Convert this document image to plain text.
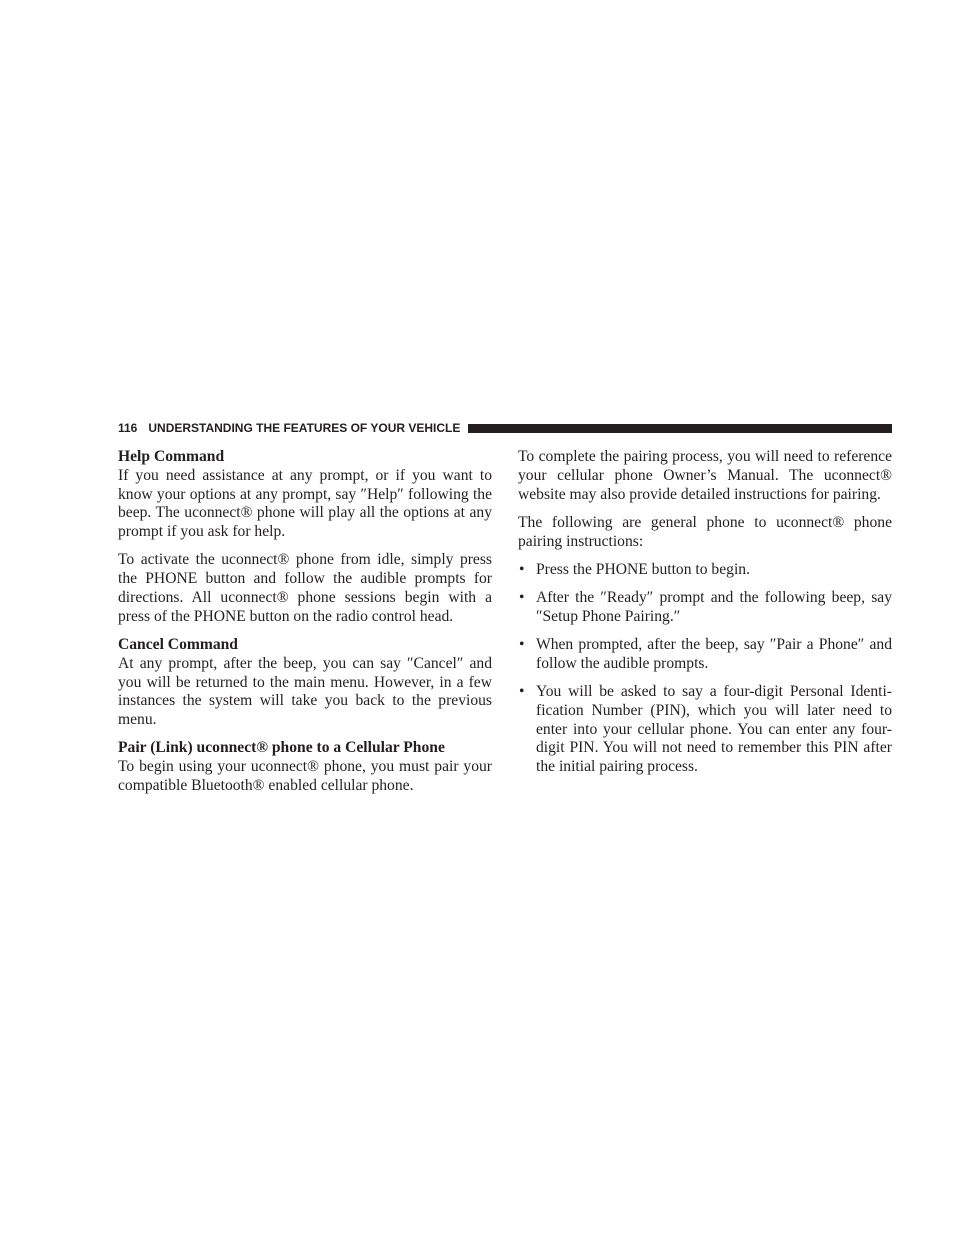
116 UNDERSTANDING THE FEATURES OF YOUR VEHICLE
Help Command

If you need assistance at any prompt, or if you want to know your options at any prompt, say ″Help″ following the beep. The uconnect® phone will play all the options at any prompt if you ask for help.

To activate the uconnect® phone from idle, simply press the PHONE button and follow the audible prompts for directions. All uconnect® phone sessions begin with a press of the PHONE button on the radio control head.

Cancel Command

At any prompt, after the beep, you can say ″Cancel″ and you will be returned to the main menu. However, in a few instances the system will take you back to the previous menu.

Pair (Link) uconnect® phone to a Cellular Phone

To begin using your uconnect® phone, you must pair your compatible Bluetooth® enabled cellular phone.

To complete the pairing process, you will need to reference your cellular phone Owner’s Manual. The uconnect® website may also provide detailed instructions for pairing.

The following are general phone to uconnect® phone pairing instructions:

• Press the PHONE button to begin.
• After the ″Ready″ prompt and the following beep, say ″Setup Phone Pairing.″
• When prompted, after the beep, say ″Pair a Phone″ and follow the audible prompts.
• You will be asked to say a four-digit Personal Identification Number (PIN), which you will later need to enter into your cellular phone. You can enter any four-digit PIN. You will not need to remember this PIN after the initial pairing process.
